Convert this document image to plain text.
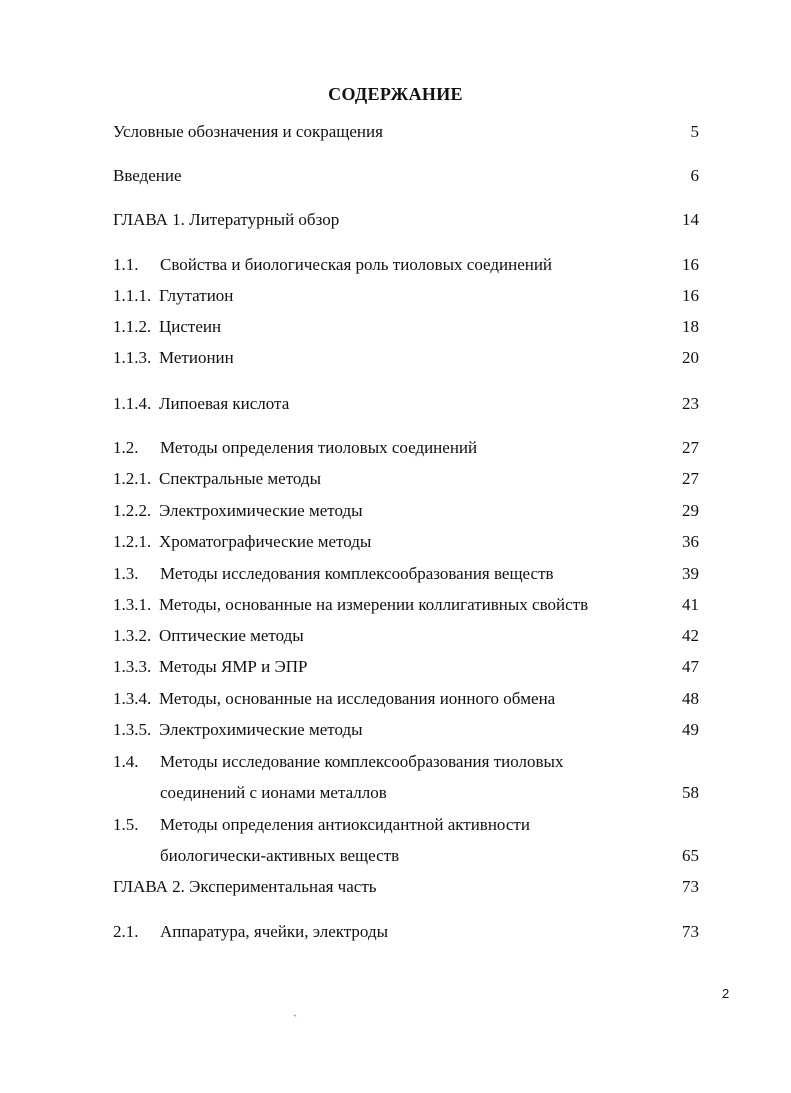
СОДЕРЖАНИЕ
Условные обозначения и сокращения	5
Введение	6
ГЛАВА 1. Литературный обзор	14
1.1. Свойства и биологическая роль тиоловых соединений	16
1.1.1. Глутатион	16
1.1.2. Цистеин	18
1.1.3. Метионин	20
1.1.4. Липоевая кислота	23
1.2. Методы определения тиоловых соединений	27
1.2.1. Спектральные методы	27
1.2.2. Электрохимические методы	29
1.2.1. Хроматографические методы	36
1.3. Методы исследования комплексообразования веществ	39
1.3.1. Методы, основанные на измерении коллигативных свойств	41
1.3.2. Оптические методы	42
1.3.3. Методы ЯМР и ЭПР	47
1.3.4. Методы, основанные на исследования ионного обмена	48
1.3.5. Электрохимические методы	49
1.4. Методы исследование комплексообразования тиоловых
соединений с ионами металлов	58
1.5. Методы определения антиоксидантной активности
биологически-активных веществ	65
ГЛАВА 2. Экспериментальная часть	73
2.1. Аппаратура, ячейки, электроды	73
2
`
